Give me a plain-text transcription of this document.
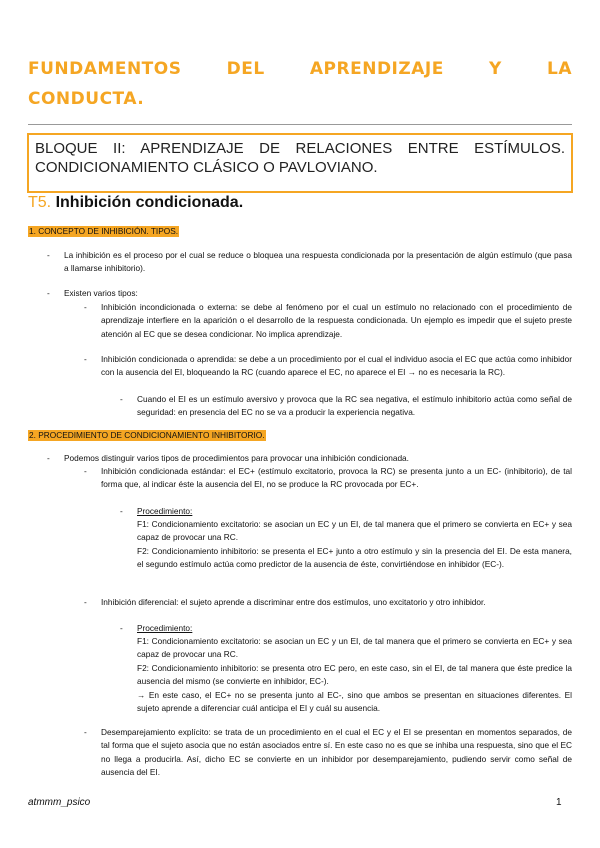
FUNDAMENTOS DEL APRENDIZAJE Y LA
CONDUCTA.
BLOQUE II: APRENDIZAJE DE RELACIONES ENTRE ESTÍMULOS. CONDICIONAMIENTO CLÁSICO O PAVLOVIANO.
T5. Inhibición condicionada.
1. CONCEPTO DE INHIBICIÓN. TIPOS.
- La inhibición es el proceso por el cual se reduce o bloquea una respuesta condicionada por la presentación de algún estímulo (que pasa a llamarse inhibitorio).

- Existen varios tipos:

- Inhibición incondicionada o externa: se debe al fenómeno por el cual un estímulo no relacionado con el procedimiento de aprendizaje interfiere en la aparición o el desarrollo de la respuesta condicionada. Un ejemplo es impedir que el sujeto preste atención al EC que se desea condicionar. No implica aprendizaje.

- Inhibición condicionada o aprendida: se debe a un procedimiento por el cual el individuo asocia el EC que actúa como inhibidor con la ausencia del EI, bloqueando la RC (cuando aparece el EC, no aparece el EI → no es necesaria la RC).

- Cuando el EI es un estímulo aversivo y provoca que la RC sea negativa, el estímulo inhibitorio actúa como señal de seguridad: en presencia del EC no se va a producir la experiencia negativa.

2. PROCEDIMIENTO DE CONDICIONAMIENTO INHIBITORIO.
- Podemos distinguir varios tipos de procedimientos para provocar una inhibición condicionada.

- Inhibición condicionada estándar: el EC+ (estímulo excitatorio, provoca la RC) se presenta junto a un EC- (inhibitorio), de tal forma que, al indicar éste la ausencia del EI, no se produce la RC provocada por EC+.

- Procedimiento:

F1: Condicionamiento excitatorio: se asocian un EC y un EI, de tal manera que el primero se convierta en EC+ y sea capaz de provocar una RC.

F2: Condicionamiento inhibitorio: se presenta el EC+ junto a otro estímulo y sin la presencia del EI. De esta manera, el segundo estímulo actúa como predictor de la ausencia de éste, convirtiéndose en inhibidor (EC-).

- Inhibición diferencial: el sujeto aprende a discriminar entre dos estímulos, uno excitatorio y otro inhibidor.

- Procedimiento:

F1: Condicionamiento excitatorio: se asocian un EC y un EI, de tal manera que el primero se convierta en EC+ y sea capaz de provocar una RC.

F2: Condicionamiento inhibitorio: se presenta otro EC pero, en este caso, sin el EI, de tal manera que éste predice la ausencia del mismo (se convierte en inhibidor, EC-).

→ En este caso, el EC+ no se presenta junto al EC-, sino que ambos se presentan en situaciones diferentes. El sujeto aprende a diferenciar cuál anticipa el EI y cuál su ausencia.

- Desemparejamiento explícito: se trata de un procedimiento en el cual el EC y el EI se presentan en momentos separados, de tal forma que el sujeto asocia que no están asociados entre sí. En este caso no es que se inhiba una respuesta, sino que el EC no llega a producirla. Así, dicho EC se convierte en un inhibidor por desemparejamiento, pudiendo servir como señal de ausencia del EI.

atmmm_psico	1
